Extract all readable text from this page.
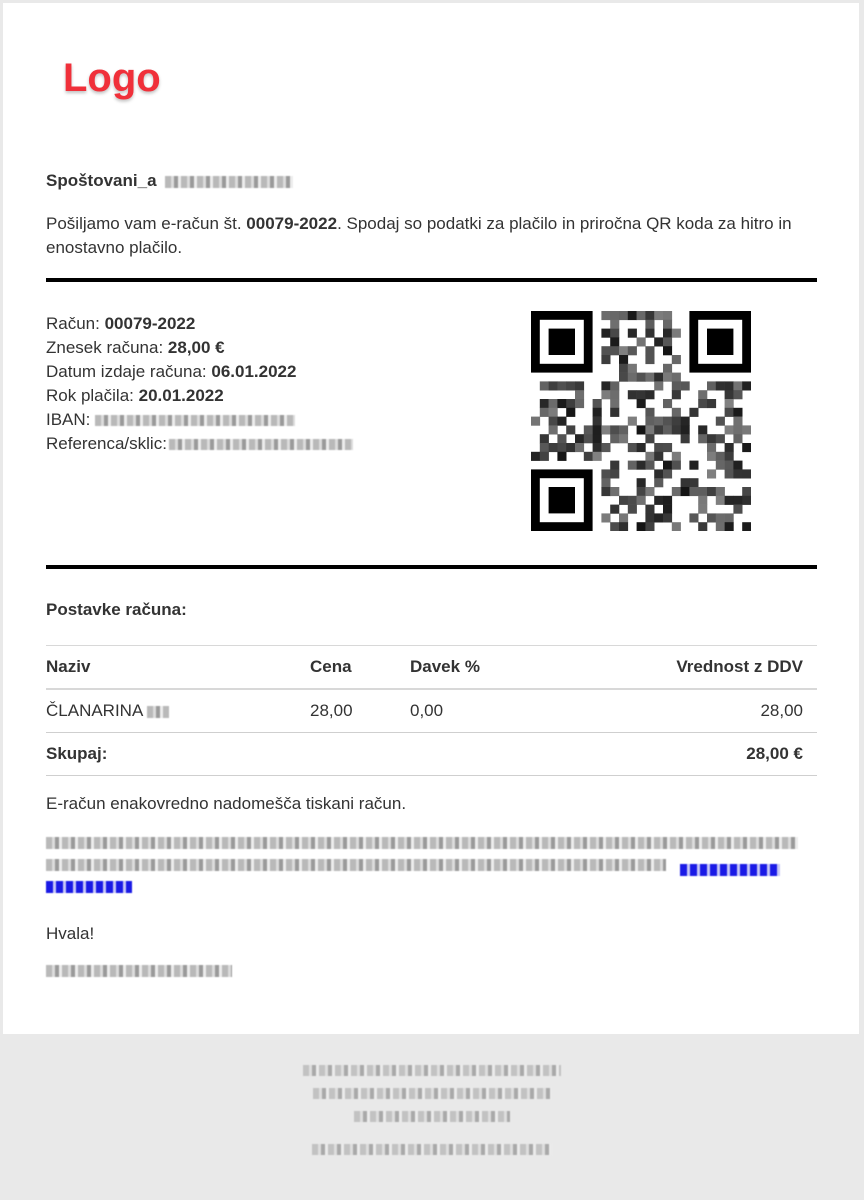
Logo
Spoštovani_a
Pošiljamo vam e-račun št. 00079-2022. Spodaj so podatki za plačilo in priročna QR koda za hitro in enostavno plačilo.
Račun: 00079-2022
Znesek računa: 28,00 €
Datum izdaje računa: 06.01.2022
Rok plačila: 20.01.2022
IBAN:
Referenca/sklic:
Postavke računa:
Naziv	Cena	Davek %	Vrednost z DDV
ČLANARINA	28,00	0,00	28,00
Skupaj:			28,00 €
E-račun enakovredno nadomešča tiskani račun.

Hvala!
